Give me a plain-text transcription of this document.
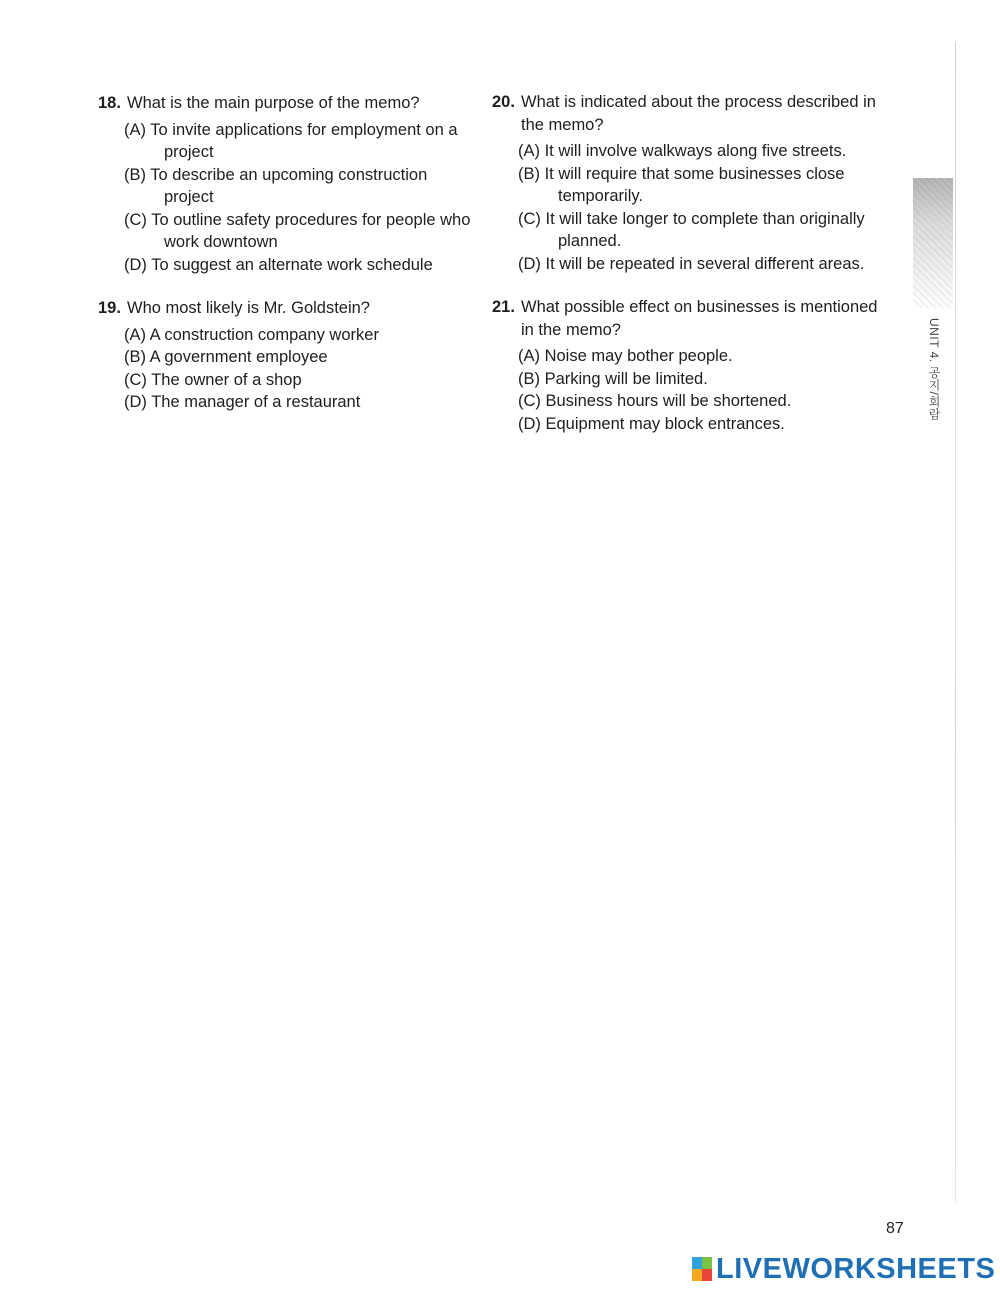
18. What is the main purpose of the memo?
(A) To invite applications for employment on a project
(B) To describe an upcoming construction project
(C) To outline safety procedures for people who work downtown
(D) To suggest an alternate work schedule
19. Who most likely is Mr. Goldstein?
(A) A construction company worker
(B) A government employee
(C) The owner of a shop
(D) The manager of a restaurant
20. What is indicated about the process described in the memo?
(A) It will involve walkways along five streets.
(B) It will require that some businesses close temporarily.
(C) It will take longer to complete than originally planned.
(D) It will be repeated in several different areas.
21. What possible effect on businesses is mentioned in the memo?
(A) Noise may bother people.
(B) Parking will be limited.
(C) Business hours will be shortened.
(D) Equipment may block entrances.
UNIT 4. 공지/회람
87
LIVEWORKSHEETS
